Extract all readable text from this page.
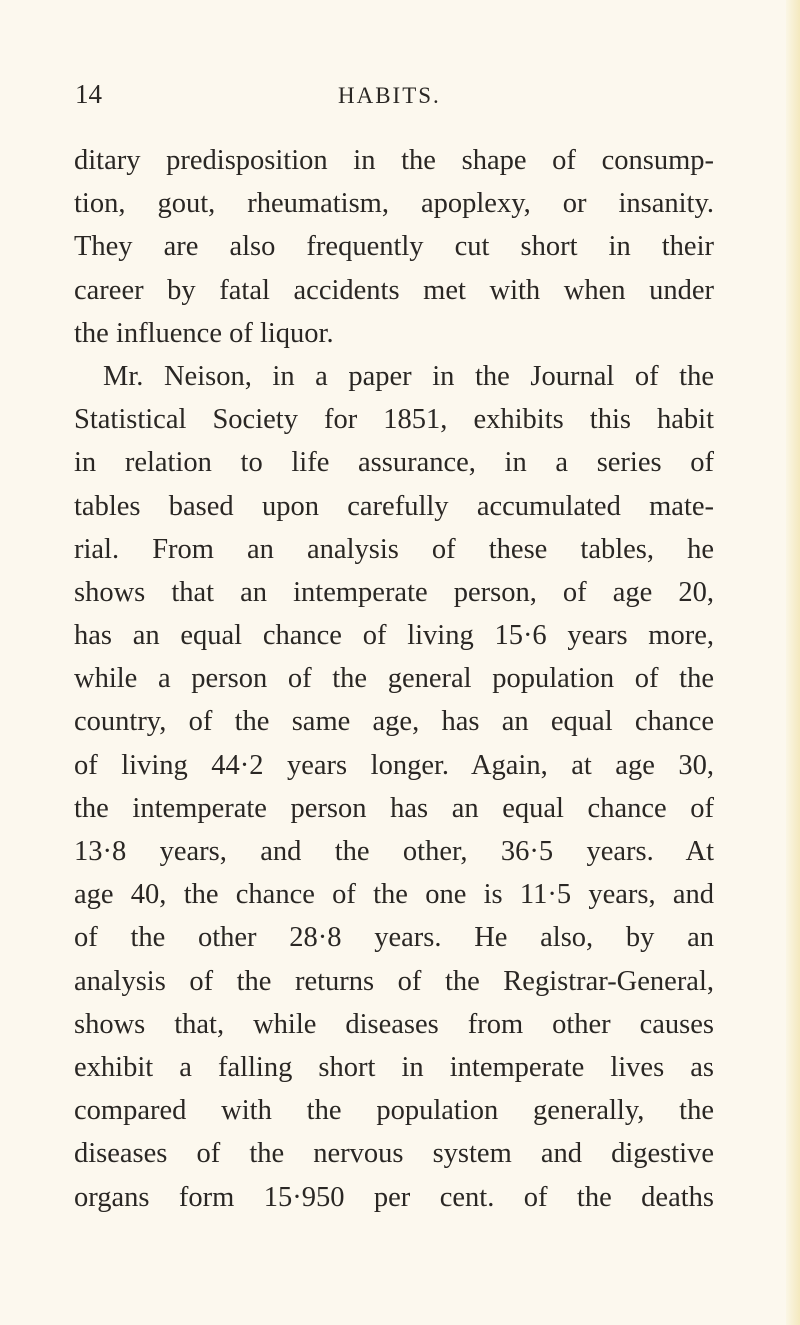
14	HABITS.
ditary predisposition in the shape of consump-
tion, gout, rheumatism, apoplexy, or insanity.
They are also frequently cut short in their
career by fatal accidents met with when under
the influence of liquor.
Mr. Neison, in a paper in the Journal of the
Statistical Society for 1851, exhibits this habit
in relation to life assurance, in a series of
tables based upon carefully accumulated mate-
rial. From an analysis of these tables, he
shows that an intemperate person, of age 20,
has an equal chance of living 15·6 years more,
while a person of the general population of the
country, of the same age, has an equal chance
of living 44·2 years longer. Again, at age 30,
the intemperate person has an equal chance of
13·8 years, and the other, 36·5 years. At
age 40, the chance of the one is 11·5 years, and
of the other 28·8 years. He also, by an
analysis of the returns of the Registrar-General,
shows that, while diseases from other causes
exhibit a falling short in intemperate lives as
compared with the population generally, the
diseases of the nervous system and digestive
organs form 15·950 per cent. of the deaths
